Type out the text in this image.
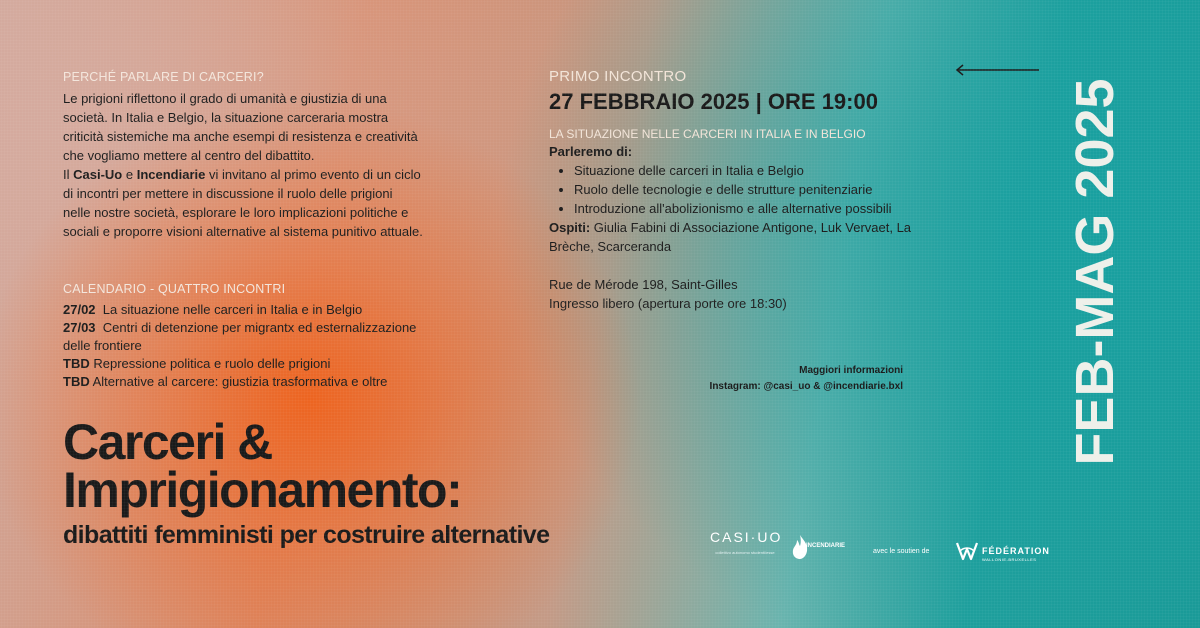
PERCHÉ PARLARE DI CARCERI?
Le prigioni riflettono il grado di umanità e giustizia di una società. In Italia e Belgio, la situazione carceraria mostra criticità sistemiche ma anche esempi di resistenza e creatività che vogliamo mettere al centro del dibattito.
Il Casi-Uo e Incendiarie vi invitano al primo evento di un ciclo di incontri per mettere in discussione il ruolo delle prigioni nelle nostre società, esplorare le loro implicazioni politiche e sociali e proporre visioni alternative al sistema punitivo attuale.
CALENDARIO - QUATTRO INCONTRI
27/02 La situazione nelle carceri in Italia e in Belgio
27/03 Centri di detenzione per migrantx ed esternalizzazione delle frontiere
TBD Repressione politica e ruolo delle prigioni
TBD Alternative al carcere: giustizia trasformativa e oltre
PRIMO INCONTRO
27 FEBBRAIO 2025 | ORE 19:00
LA SITUAZIONE NELLE CARCERI IN ITALIA E IN BELGIO
Parleremo di:
• Situazione delle carceri in Italia e Belgio
• Ruolo delle tecnologie e delle strutture penitenziarie
• Introduzione all'abolizionismo e alle alternative possibili
Ospiti: Giulia Fabini di Associazione Antigone, Luk Vervaet, La Brèche, Scarceranda
Rue de Mérode 198, Saint-Gilles
Ingresso libero (apertura porte ore 18:30)
Maggiori informazioni
Instagram: @casi_uo & @incendiarie.bxl
Carceri &
Imprigionamento:
dibattiti femministi per costruire alternative
FEB-MAG 2025
CASI·UO
collettivo autonomo studenti/esse
INCENDIARIE
avec le soutien de	FÉDÉRATION
WALLONIE-BRUXELLES
